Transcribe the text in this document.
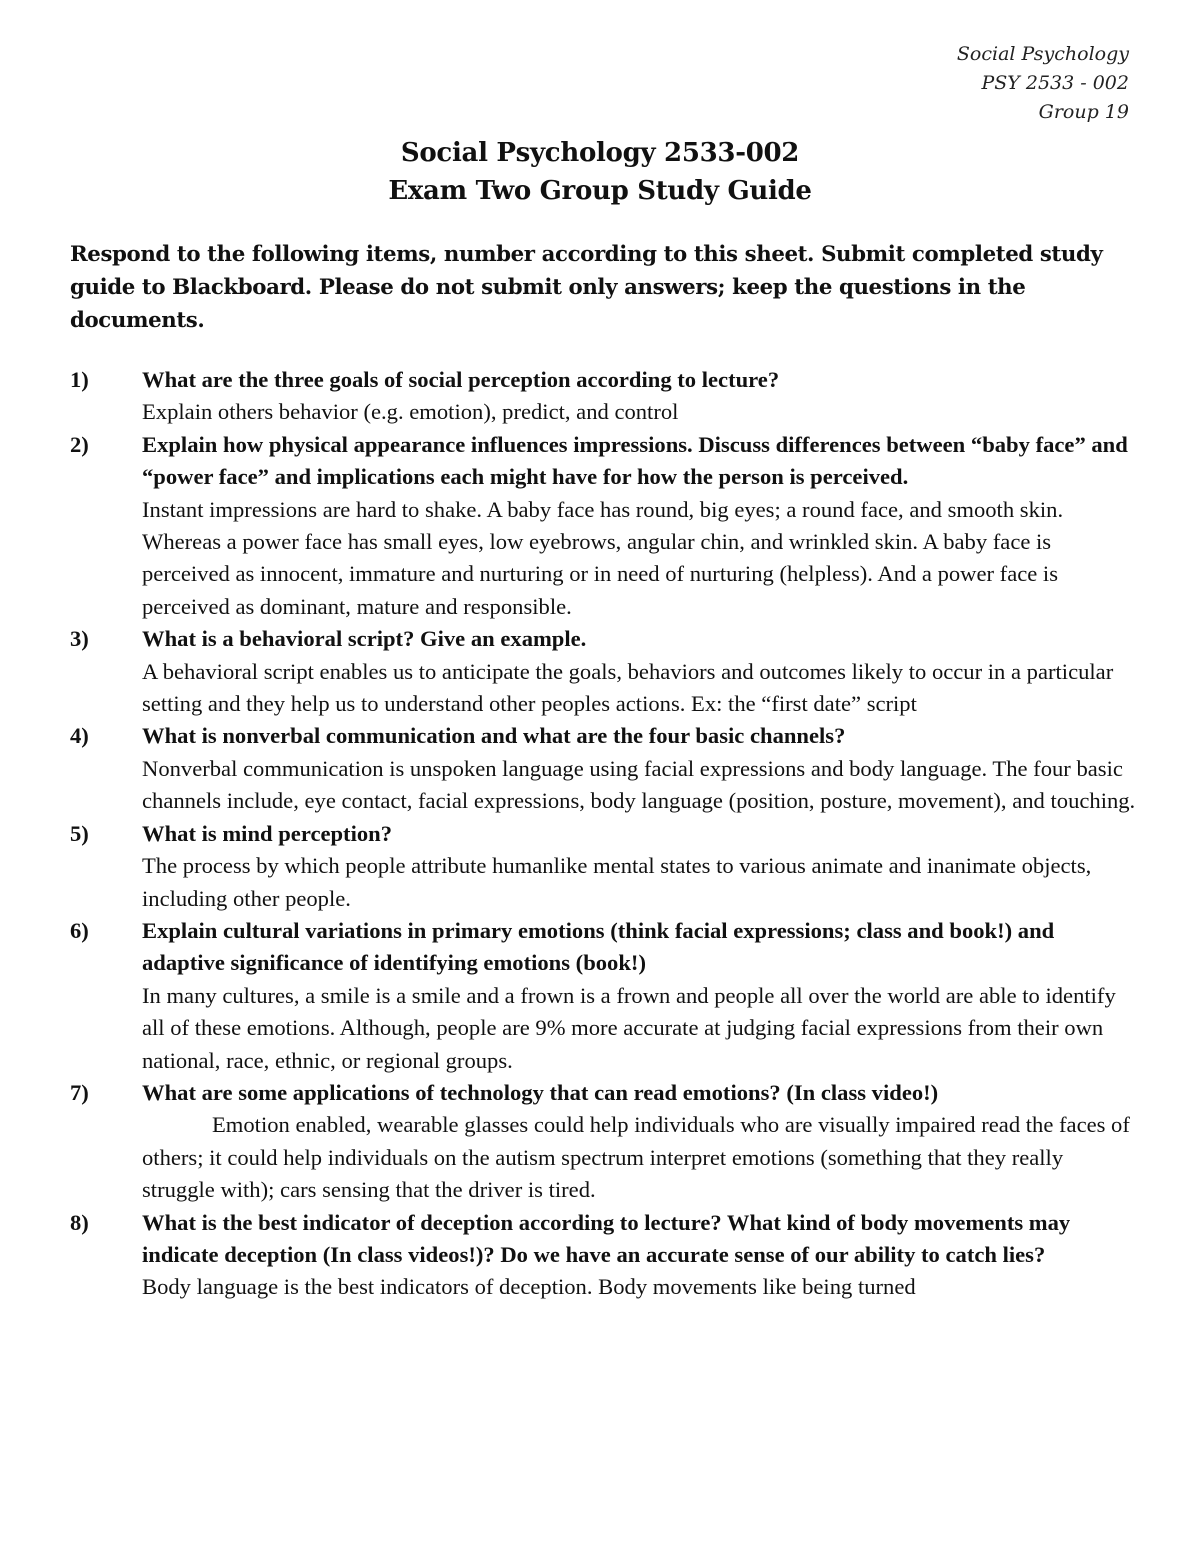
Social Psychology
PSY 2533 - 002
Group 19
Social Psychology 2533-002
Exam Two Group Study Guide
Respond to the following items, number according to this sheet. Submit completed study guide to Blackboard. Please do not submit only answers; keep the questions in the documents.
1) What are the three goals of social perception according to lecture?
Explain others behavior (e.g. emotion), predict, and control
2) Explain how physical appearance influences impressions. Discuss differences between “baby face” and “power face” and implications each might have for how the person is perceived.
Instant impressions are hard to shake. A baby face has round, big eyes; a round face, and smooth skin. Whereas a power face has small eyes, low eyebrows, angular chin, and wrinkled skin. A baby face is perceived as innocent, immature and nurturing or in need of nurturing (helpless). And a power face is perceived as dominant, mature and responsible.
3) What is a behavioral script? Give an example.
A behavioral script enables us to anticipate the goals, behaviors and outcomes likely to occur in a particular setting and they help us to understand other peoples actions. Ex: the “first date” script
4) What is nonverbal communication and what are the four basic channels?
Nonverbal communication is unspoken language using facial expressions and body language. The four basic channels include, eye contact, facial expressions, body language (position, posture, movement), and touching.
5) What is mind perception?
The process by which people attribute humanlike mental states to various animate and inanimate objects, including other people.
6) Explain cultural variations in primary emotions (think facial expressions; class and book!) and adaptive significance of identifying emotions (book!)
In many cultures, a smile is a smile and a frown is a frown and people all over the world are able to identify all of these emotions. Although, people are 9% more accurate at judging facial expressions from their own national, race, ethnic, or regional groups.
7) What are some applications of technology that can read emotions? (In class video!)
Emotion enabled, wearable glasses could help individuals who are visually impaired read the faces of others; it could help individuals on the autism spectrum interpret emotions (something that they really struggle with); cars sensing that the driver is tired.
8) What is the best indicator of deception according to lecture? What kind of body movements may indicate deception (In class videos!)? Do we have an accurate sense of our ability to catch lies?
Body language is the best indicators of deception. Body movements like being turned
